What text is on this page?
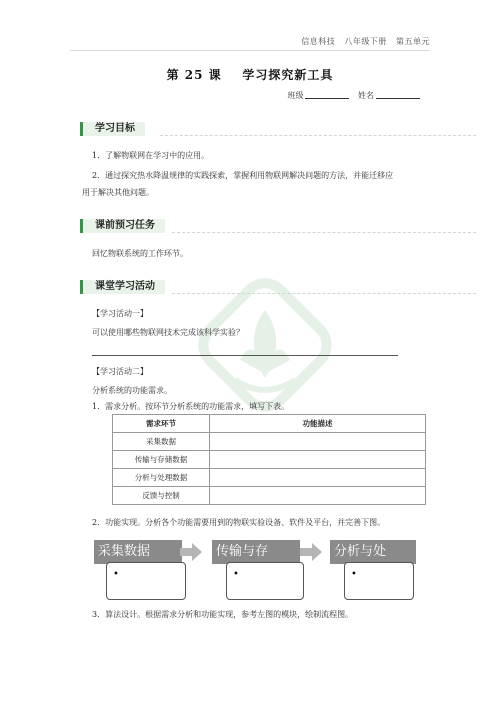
信息科技 八年级下册 第五单元
第 25 课 学习探究新工具
班级	姓名
学习目标
1．了解物联网在学习中的应用。
2．通过探究热水降温规律的实践探索，掌握利用物联网解决问题的方法，并能迁移应
用于解决其他问题。
课前预习任务
回忆物联系统的工作环节。
课堂学习活动
【学习活动一】
可以使用哪些物联网技术完成该科学实验？
【学习活动二】
分析系统的功能需求。
1．需求分析。按环节分析系统的功能需求，填写下表。
需求环节	功能描述
采集数据	
传输与存储数据	
分析与处理数据	
反馈与控制	
2．功能实现。分析各个功能需要用到的物联实验设备、软件及平台，并完善下图。
采集数据
•
传输与存
•
分析与处
•
3．算法设计。根据需求分析和功能实现，参考左图的模块，绘制流程图。
